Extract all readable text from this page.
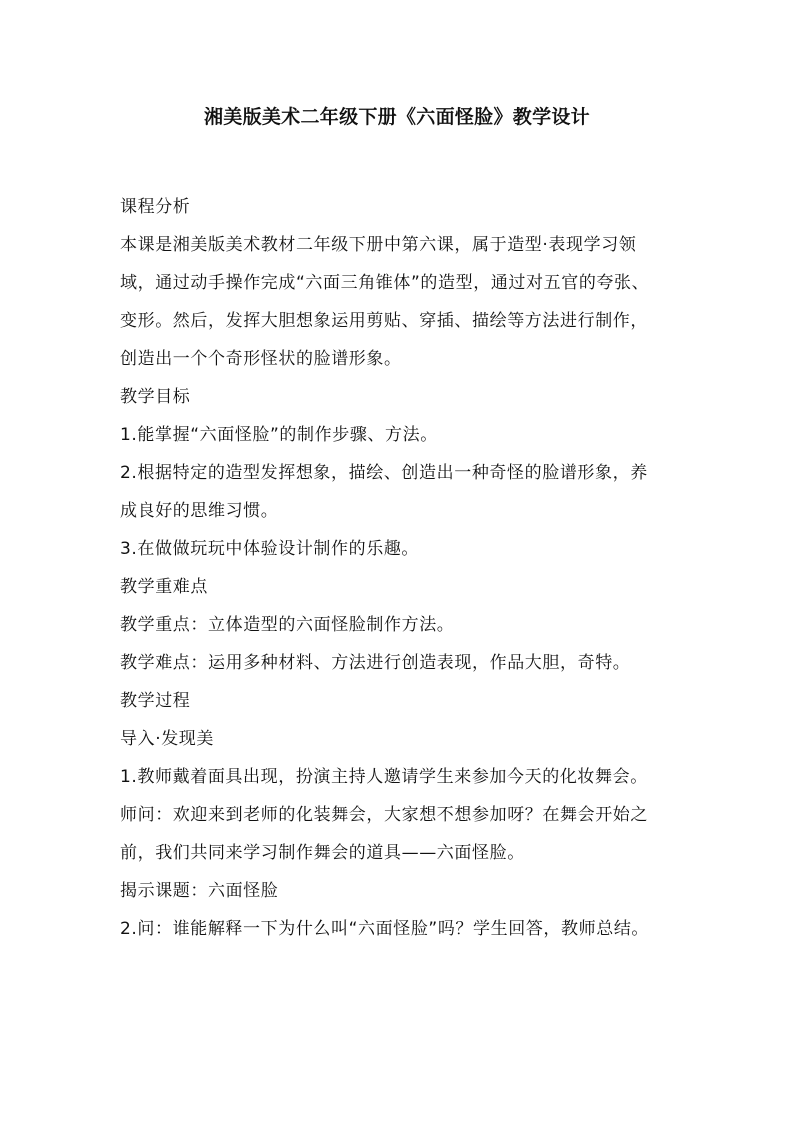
湘美版美术二年级下册《六面怪脸》教学设计

课程分析

本课是湘美版美术教材二年级下册中第六课，属于造型·表现学习领

域，通过动手操作完成“六面三角锥体”的造型，通过对五官的夸张、

变形。然后，发挥大胆想象运用剪贴、穿插、描绘等方法进行制作，

创造出一个个奇形怪状的脸谱形象。

教学目标

1.能掌握“六面怪脸”的制作步骤、方法。

2.根据特定的造型发挥想象，描绘、创造出一种奇怪的脸谱形象，养

成良好的思维习惯。

3.在做做玩玩中体验设计制作的乐趣。

教学重难点

教学重点：立体造型的六面怪脸制作方法。

教学难点：运用多种材料、方法进行创造表现，作品大胆，奇特。

教学过程

导入·发现美

1.教师戴着面具出现，扮演主持人邀请学生来参加今天的化妆舞会。

师问：欢迎来到老师的化装舞会，大家想不想参加呀？在舞会开始之

前，我们共同来学习制作舞会的道具——六面怪脸。

揭示课题：六面怪脸

2.问：谁能解释一下为什么叫“六面怪脸”吗？学生回答，教师总结。
